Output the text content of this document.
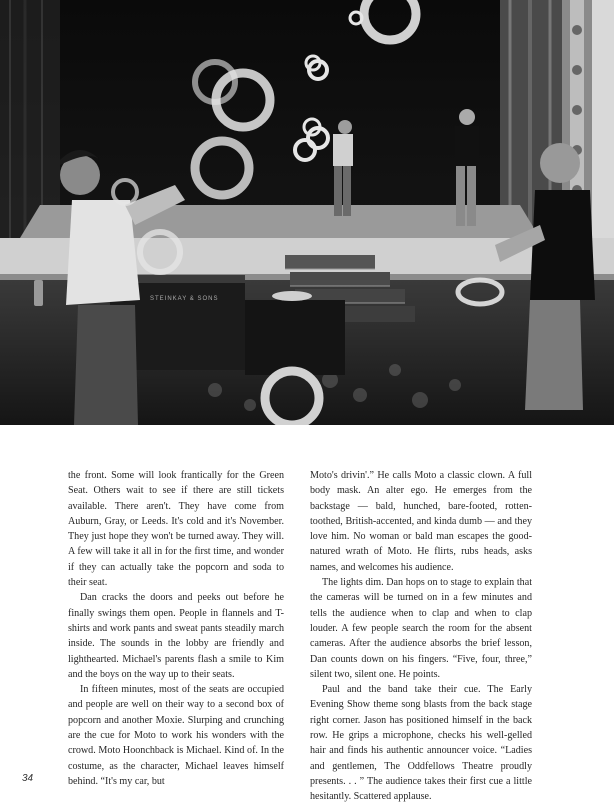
STEINKAY & SONS

the front. Some will look frantically for the Green Seat. Others wait to see if there are still tickets available. There aren't. They have come from Auburn, Gray, or Leeds. It's cold and it's November. They just hope they won't be turned away. They will. A few will take it all in for the first time, and wonder if they can actually take the popcorn and soda to their seat.

Dan cracks the doors and peeks out before he finally swings them open. People in flannels and T-shirts and work pants and sweat pants steadily march inside. The sounds in the lobby are friendly and lighthearted. Michael's parents flash a smile to Kim and the boys on the way up to their seats.

In fifteen minutes, most of the seats are occupied and people are well on their way to a second box of popcorn and another Moxie. Slurping and crunching are the cue for Moto to work his wonders with the crowd. Moto Hoonchback is Michael. Kind of. In the costume, as the character, Michael leaves himself behind. “It's my car, but

Moto's drivin'.” He calls Moto a classic clown. A full body mask. An alter ego. He emerges from the backstage — bald, hunched, bare-footed, rotten-toothed, British-accented, and kinda dumb — and they love him. No woman or bald man escapes the good-natured wrath of Moto. He flirts, rubs heads, asks names, and welcomes his audience.

The lights dim. Dan hops on to stage to explain that the cameras will be turned on in a few minutes and tells the audience when to clap and when to clap louder. A few people search the room for the absent cameras. After the audience absorbs the brief lesson, Dan counts down on his fingers. “Five, four, three,” silent two, silent one. He points.

Paul and the band take their cue. The Early Evening Show theme song blasts from the back stage right corner. Jason has positioned himself in the back row. He grips a microphone, checks his well-gelled hair and finds his authentic announcer voice. “Ladies and gentlemen, The Oddfellows Theatre proudly presents. . . ” The audience takes their first cue a little hesitantly. Scattered applause.

34
